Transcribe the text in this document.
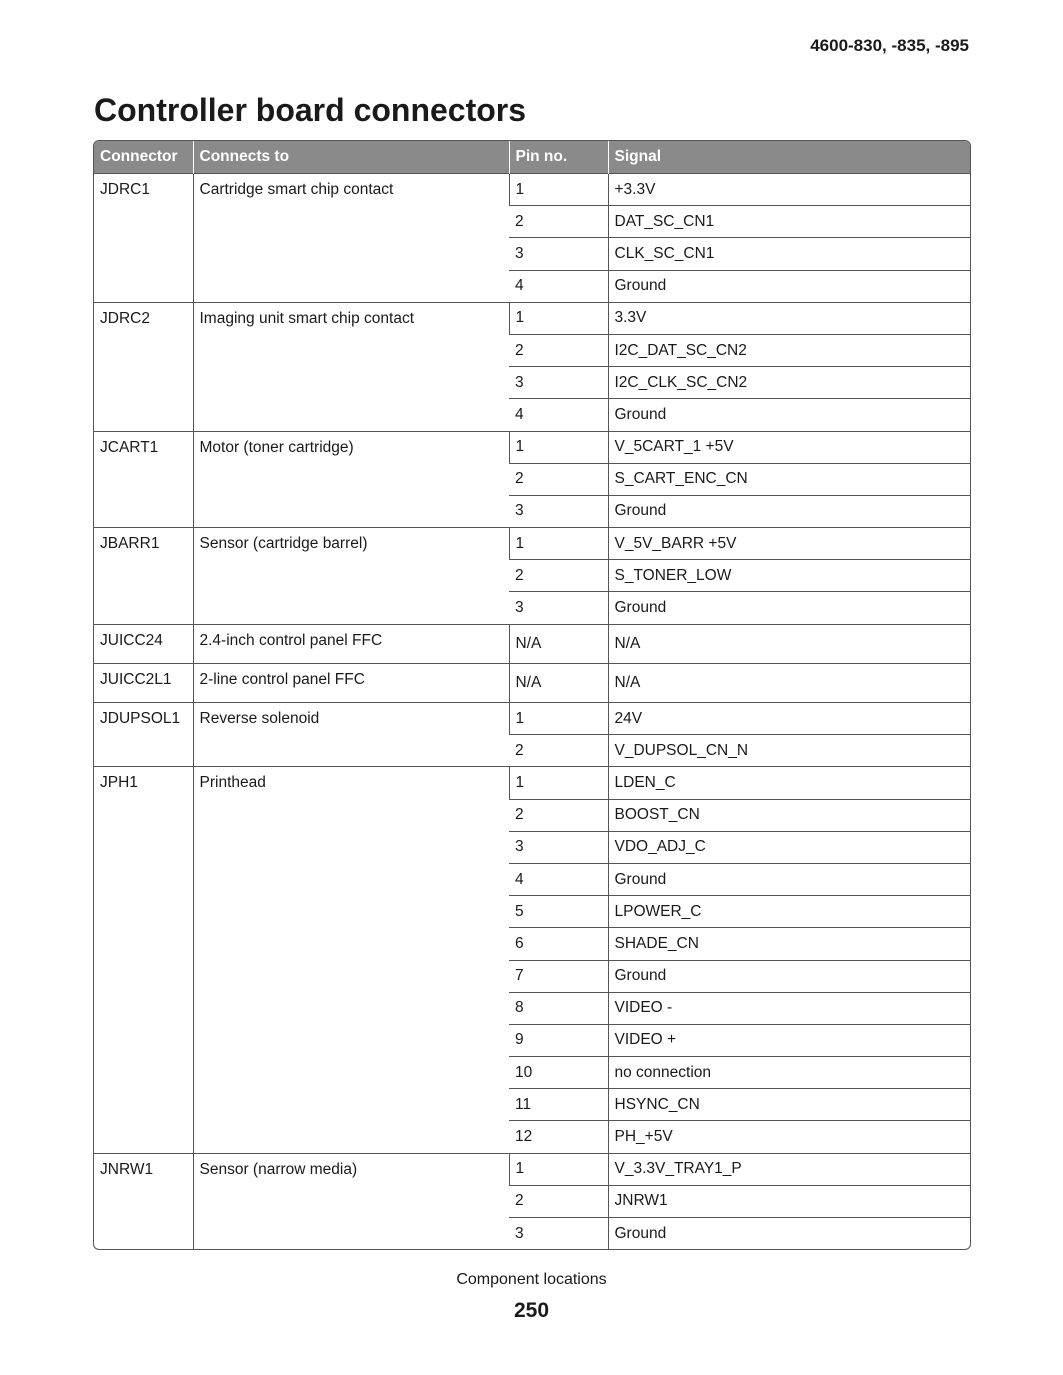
4600-830, -835, -895
Controller board connectors
Connector	Connects to	Pin no.	Signal
JDRC1	Cartridge smart chip contact	1	+3.3V
		2	DAT_SC_CN1
		3	CLK_SC_CN1
		4	Ground
JDRC2	Imaging unit smart chip contact	1	3.3V
		2	I2C_DAT_SC_CN2
		3	I2C_CLK_SC_CN2
		4	Ground
JCART1	Motor (toner cartridge)	1	V_5CART_1 +5V
		2	S_CART_ENC_CN
		3	Ground
JBARR1	Sensor (cartridge barrel)	1	V_5V_BARR +5V
		2	S_TONER_LOW
		3	Ground
JUICC24	2.4-inch control panel FFC	N/A	N/A
JUICC2L1	2-line control panel FFC	N/A	N/A
JDUPSOL1	Reverse solenoid	1	24V
		2	V_DUPSOL_CN_N
JPH1	Printhead	1	LDEN_C
		2	BOOST_CN
		3	VDO_ADJ_C
		4	Ground
		5	LPOWER_C
		6	SHADE_CN
		7	Ground
		8	VIDEO -
		9	VIDEO +
		10	no connection
		11	HSYNC_CN
		12	PH_+5V
JNRW1	Sensor (narrow media)	1	V_3.3V_TRAY1_P
		2	JNRW1
		3	Ground
Component locations
250
